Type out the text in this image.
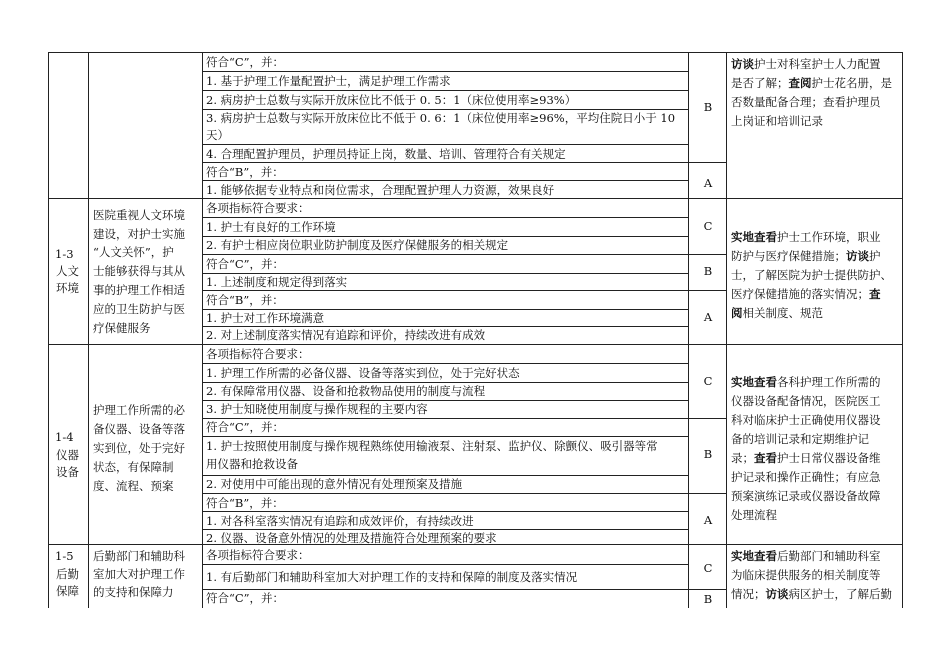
符合“C”，并：
1. 基于护理工作量配置护士，满足护理工作需求
2. 病房护士总数与实际开放床位比不低于 0. 5：1（床位使用率≥93%）
3. 病房护士总数与实际开放床位比不低于 0. 6：1（床位使用率≥96%，平均住院日小于 10
天）
4. 合理配置护理员，护理员持证上岗，数量、培训、管理符合有关规定
B
符合“B”，并：
1. 能够依据专业特点和岗位需求，合理配置护理人力资源，效果良好	A
访谈护士对科室护士人力配置
是否了解；查阅护士花名册，是
否数量配备合理；查看护理员
上岗证和培训记录
1-3
人文环境
医院重视人文环境
建设，对护士实施
“人文关怀”，护
士能够获得与其从
事的护理工作相适
应的卫生防护与医
疗保健服务
各项指标符合要求：
1. 护士有良好的工作环境
2. 有护士相应岗位职业防护制度及医疗保健服务的相关规定
C
符合“C”，并：
1. 上述制度和规定得到落实
B
符合“B”，并：
1. 护士对工作环境满意
2. 对上述制度落实情况有追踪和评价，持续改进有成效
A
实地查看护士工作环境，职业
防护与医疗保健措施；访谈护
士，了解医院为护士提供防护、
医疗保健措施的落实情况；查
阅相关制度、规范
1-4
仪器设备
护理工作所需的必
备仪器、设备等落
实到位，处于完好
状态，有保障制
度、流程、预案
各项指标符合要求：
1. 护理工作所需的必备仪器、设备等落实到位，处于完好状态
2. 有保障常用仪器、设备和抢救物品使用的制度与流程
3. 护士知晓使用制度与操作规程的主要内容
C
符合“C”，并：
1. 护士按照使用制度与操作规程熟练使用输液泵、注射泵、监护仪、除颤仪、吸引器等常
用仪器和抢救设备
2. 对使用中可能出现的意外情况有处理预案及措施
B
符合“B”，并：
1. 对各科室落实情况有追踪和成效评价，有持续改进
2. 仪器、设备意外情况的处理及措施符合处理预案的要求
A
实地查看各科护理工作所需的
仪器设备配备情况，医院医工
科对临床护士正确使用仪器设
备的培训记录和定期维护记
录；查看护士日常仪器设备维
护记录和操作正确性；有应急
预案演练记录或仪器设备故障
处理流程
1-5
后勤保障
后勤部门和辅助科
室加大对护理工作
的支持和保障力
各项指标符合要求：
1. 有后勤部门和辅助科室加大对护理工作的支持和保障的制度及落实情况
C
符合“C”，并：	B
实地查看后勤部门和辅助科室
为临床提供服务的相关制度等
情况；访谈病区护士，了解后勤
